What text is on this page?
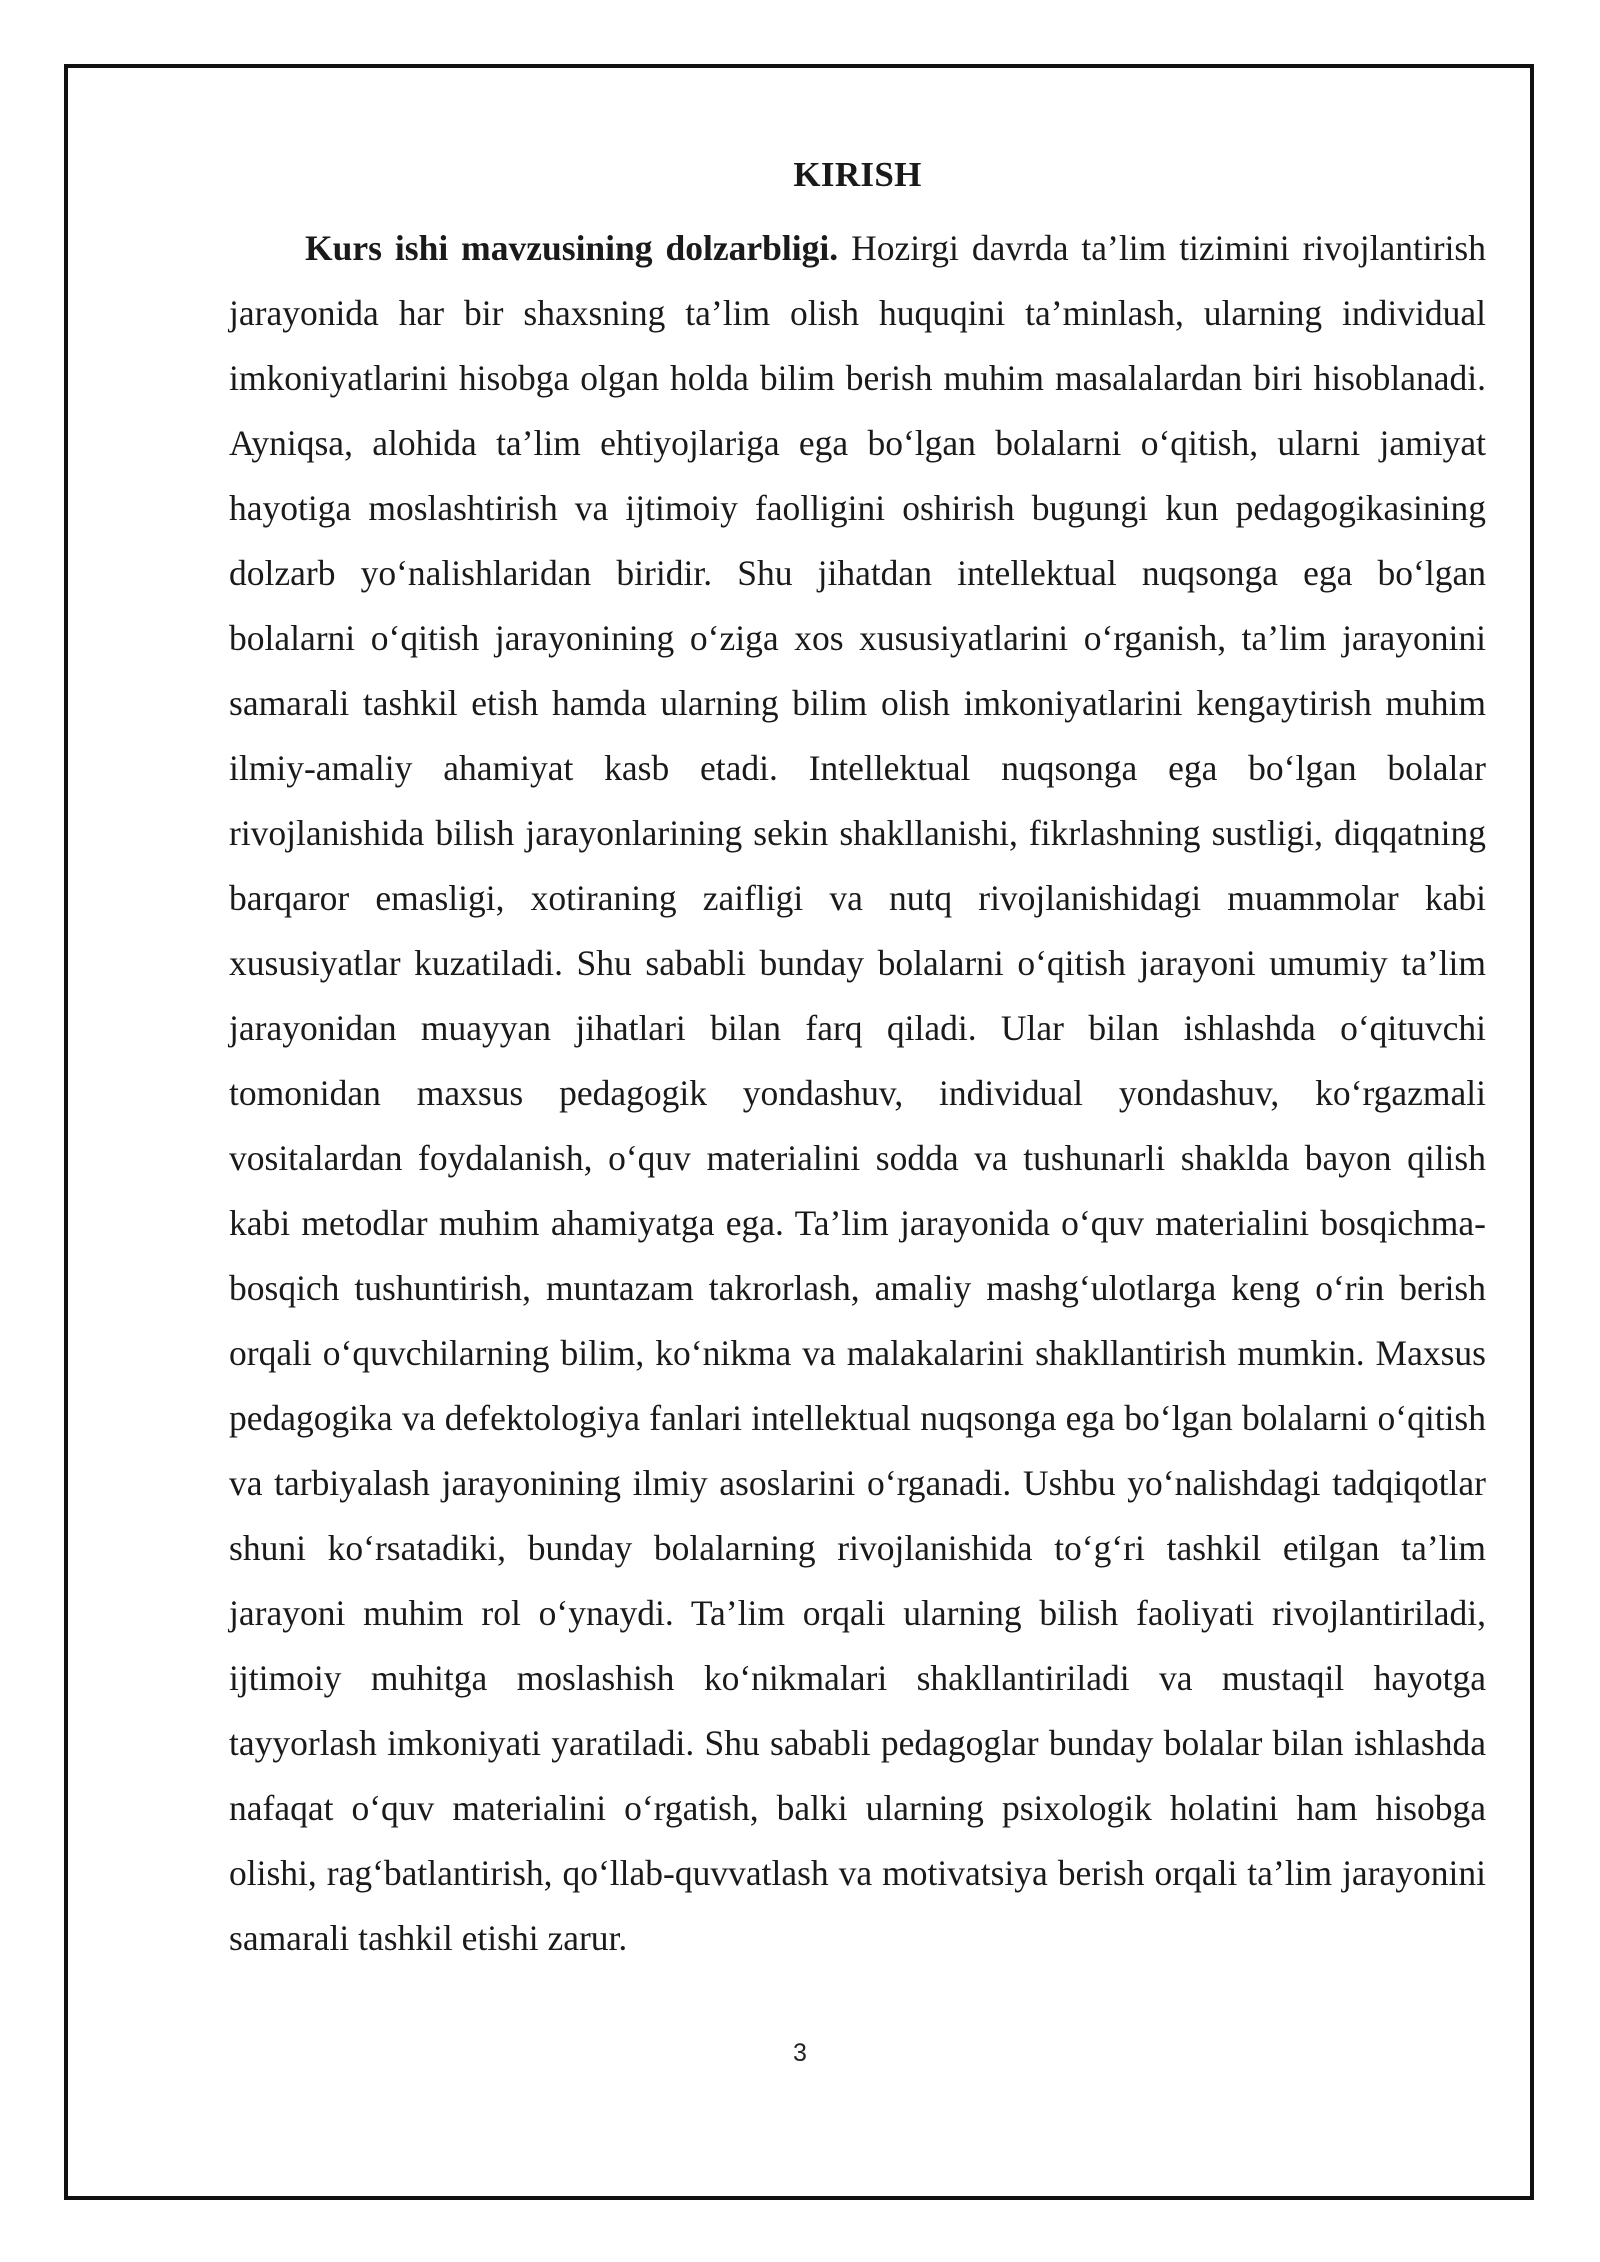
KIRISH

Kurs ishi mavzusining dolzarbligi. Hozirgi davrda ta’lim tizimini rivojlantirish jarayonida har bir shaxsning ta’lim olish huquqini ta’minlash, ularning individual imkoniyatlarini hisobga olgan holda bilim berish muhim masalalardan biri hisoblanadi. Ayniqsa, alohida ta’lim ehtiyojlariga ega bo‘lgan bolalarni o‘qitish, ularni jamiyat hayotiga moslashtirish va ijtimoiy faolligini oshirish bugungi kun pedagogikasining dolzarb yo‘nalishlaridan biridir. Shu jihatdan intellektual nuqsonga ega bo‘lgan bolalarni o‘qitish jarayonining o‘ziga xos xususiyatlarini o‘rganish, ta’lim jarayonini samarali tashkil etish hamda ularning bilim olish imkoniyatlarini kengaytirish muhim ilmiy-amaliy ahamiyat kasb etadi. Intellektual nuqsonga ega bo‘lgan bolalar rivojlanishida bilish jarayonlarining sekin shakllanishi, fikrlashning sustligi, diqqatning barqaror emasligi, xotiraning zaifligi va nutq rivojlanishidagi muammolar kabi xususiyatlar kuzatiladi. Shu sababli bunday bolalarni o‘qitish jarayoni umumiy ta’lim jarayonidan muayyan jihatlari bilan farq qiladi. Ular bilan ishlashda o‘qituvchi tomonidan maxsus pedagogik yondashuv, individual yondashuv, ko‘rgazmali vositalardan foydalanish, o‘quv materialini sodda va tushunarli shaklda bayon qilish kabi metodlar muhim ahamiyatga ega. Ta’lim jarayonida o‘quv materialini bosqichma-bosqich tushuntirish, muntazam takrorlash, amaliy mashg‘ulotlarga keng o‘rin berish orqali o‘quvchilarning bilim, ko‘nikma va malakalarini shakllantirish mumkin. Maxsus pedagogika va defektologiya fanlari intellektual nuqsonga ega bo‘lgan bolalarni o‘qitish va tarbiyalash jarayonining ilmiy asoslarini o‘rganadi. Ushbu yo‘nalishdagi tadqiqotlar shuni ko‘rsatadiki, bunday bolalarning rivojlanishida to‘g‘ri tashkil etilgan ta’lim jarayoni muhim rol o‘ynaydi. Ta’lim orqali ularning bilish faoliyati rivojlantiriladi, ijtimoiy muhitga moslashish ko‘nikmalari shakllantiriladi va mustaqil hayotga tayyorlash imkoniyati yaratiladi. Shu sababli pedagoglar bunday bolalar bilan ishlashda nafaqat o‘quv materialini o‘rgatish, balki ularning psixologik holatini ham hisobga olishi, rag‘batlantirish, qo‘llab-quvvatlash va motivatsiya berish orqali ta’lim jarayonini samarali tashkil etishi zarur.

3
